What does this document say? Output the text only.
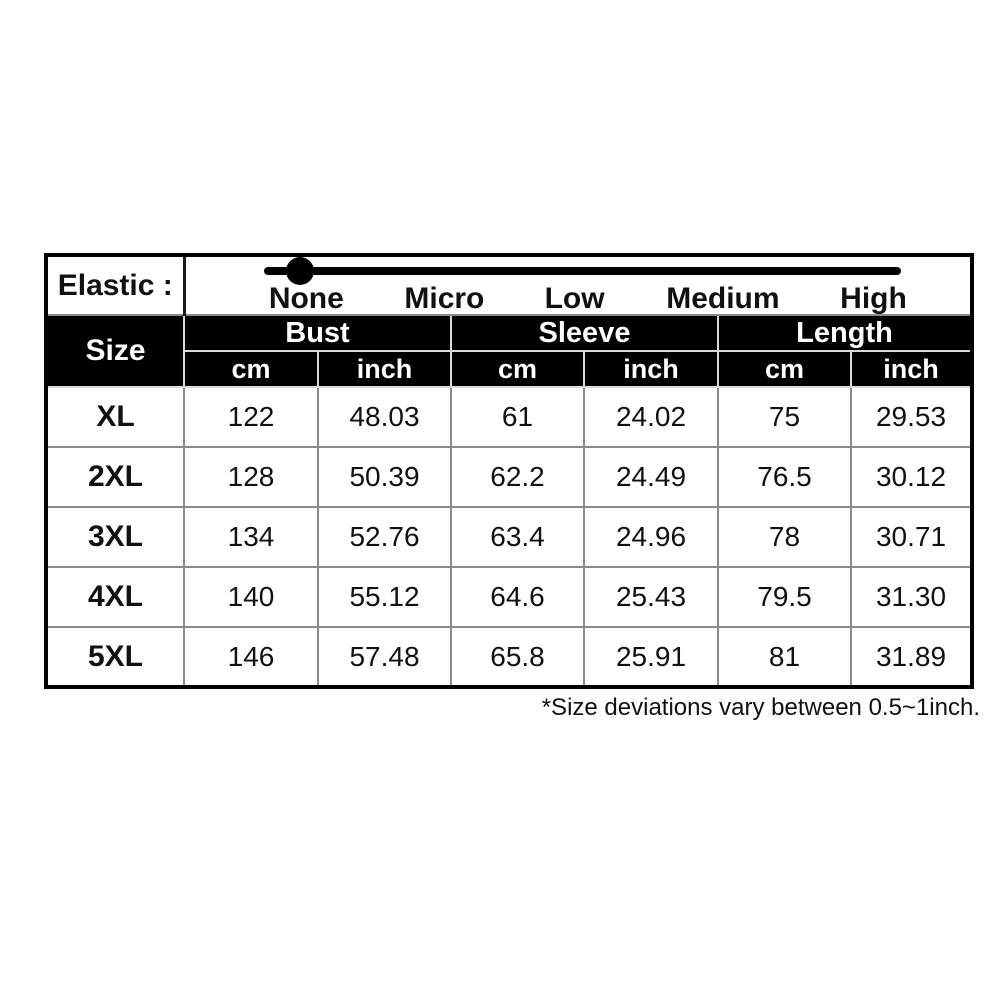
Elastic :	None Micro Low Medium High					

Size	Bust		Sleeve		Length	
	cm	inch	cm	inch	cm	inch
XL	122	48.03	61	24.02	75	29.53
2XL	128	50.39	62.2	24.49	76.5	30.12
3XL	134	52.76	63.4	24.96	78	30.71
4XL	140	55.12	64.6	25.43	79.5	31.30
5XL	146	57.48	65.8	25.91	81	31.89
*Size deviations vary between 0.5~1inch.
